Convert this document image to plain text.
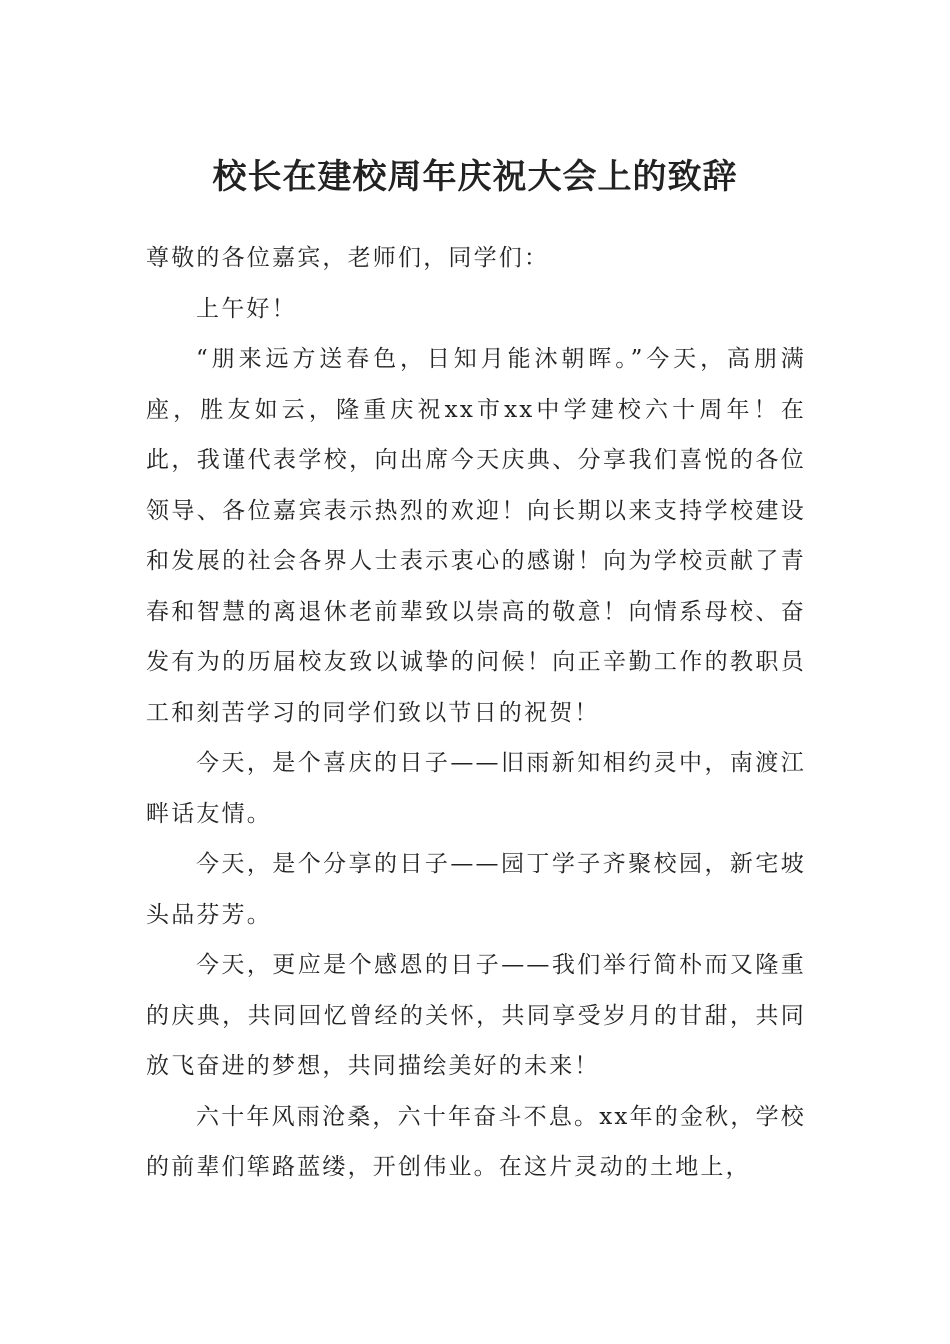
校长在建校周年庆祝大会上的致辞

尊敬的各位嘉宾，老师们，同学们：

上午好！

“朋来远方送春色，日知月能沐朝晖。”今天，高朋满座，胜友如云，隆重庆祝xx市xx中学建校六十周年！在此，我谨代表学校，向出席今天庆典、分享我们喜悦的各位领导、各位嘉宾表示热烈的欢迎！向长期以来支持学校建设和发展的社会各界人士表示衷心的感谢！向为学校贡献了青春和智慧的离退休老前辈致以崇高的敬意！向情系母校、奋发有为的历届校友致以诚挚的问候！向正辛勤工作的教职员工和刻苦学习的同学们致以节日的祝贺！

今天，是个喜庆的日子——旧雨新知相约灵中，南渡江畔话友情。

今天，是个分享的日子——园丁学子齐聚校园，新宅坡头品芬芳。

今天，更应是个感恩的日子——我们举行简朴而又隆重的庆典，共同回忆曾经的关怀，共同享受岁月的甘甜，共同放飞奋进的梦想，共同描绘美好的未来！

六十年风雨沧桑，六十年奋斗不息。xx年的金秋，学校的前辈们筚路蓝缕，开创伟业。在这片灵动的土地上，
